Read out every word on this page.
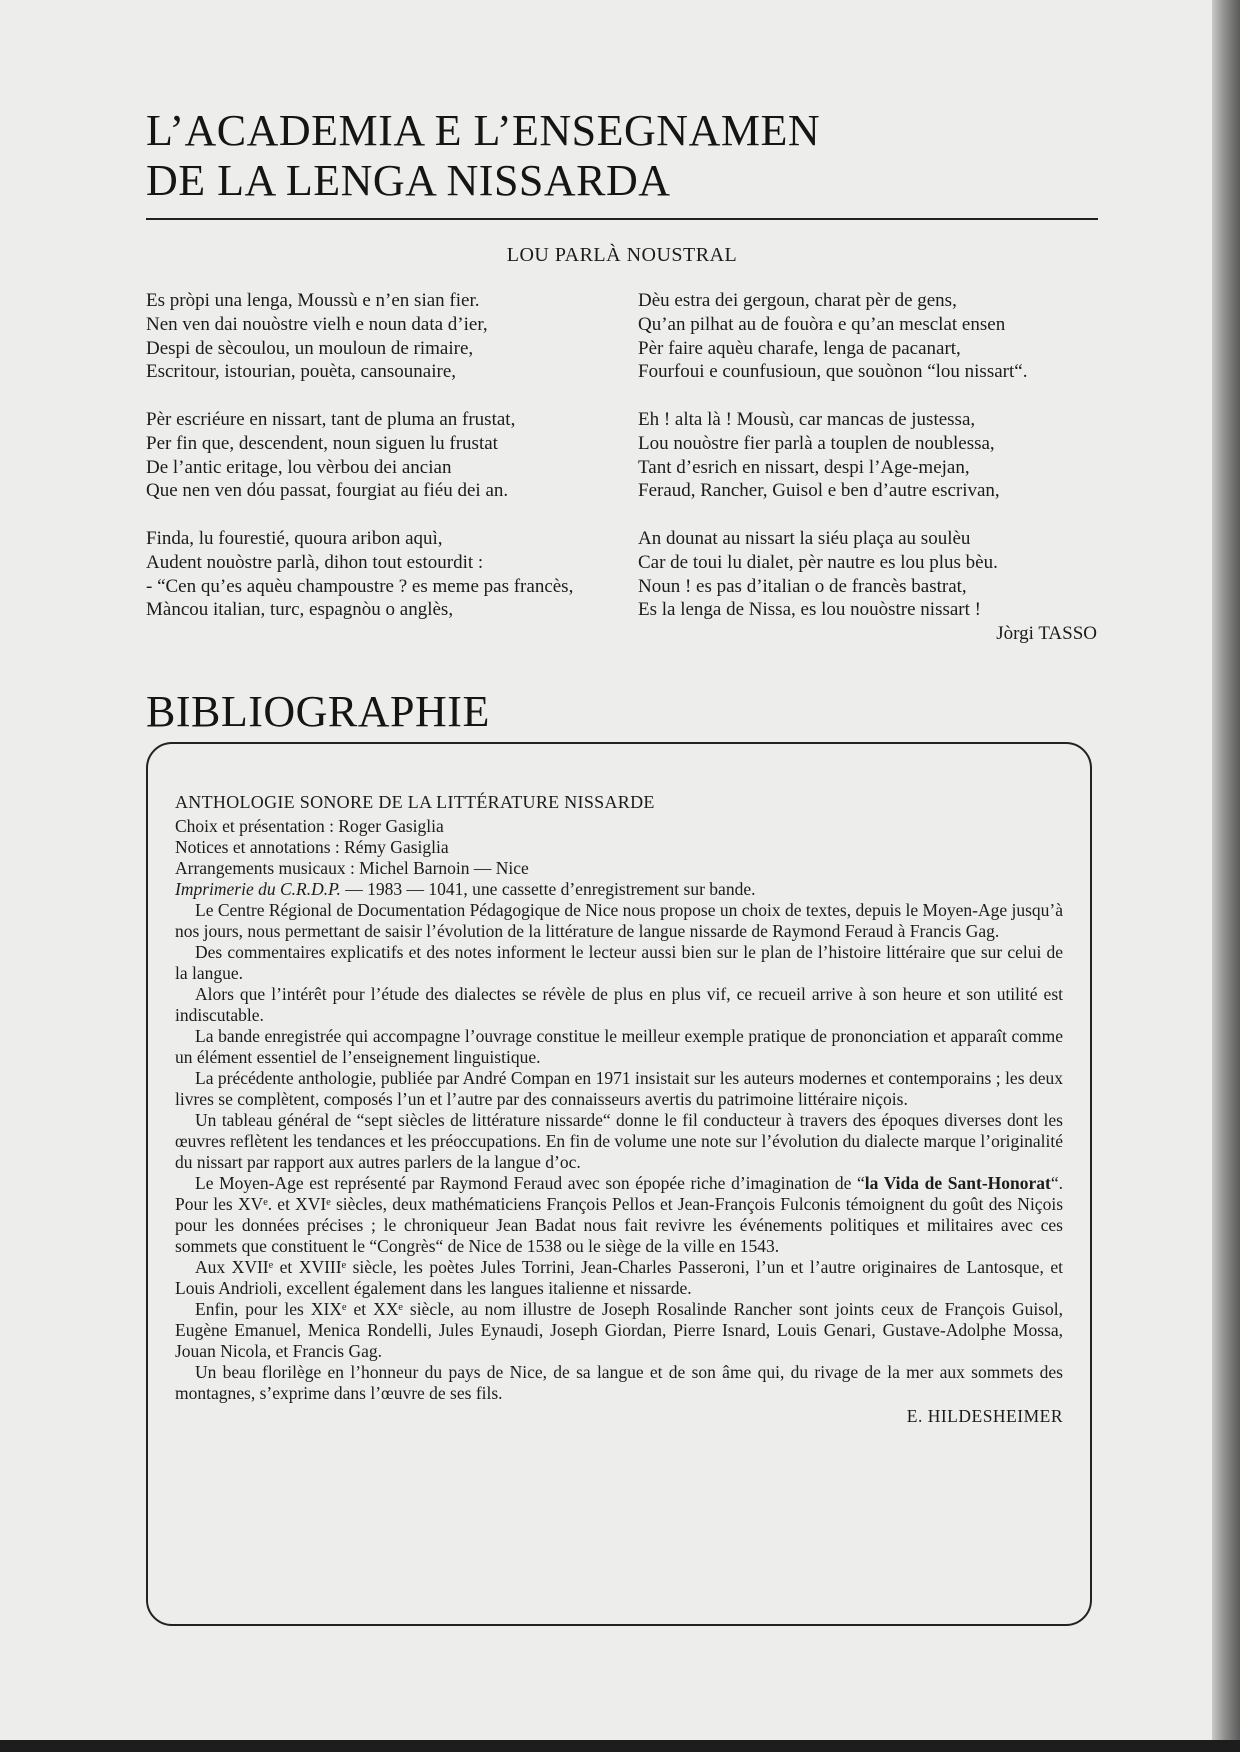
L’ACADEMIA E L’ENSEGNAMEN
DE LA LENGA NISSARDA
LOU PARLÀ NOUSTRAL
Es pròpi una lenga, Moussù e n’en sian fier.
Nen ven dai nouòstre vielh e noun data d’ier,
Despi de sècoulou, un mouloun de rimaire,
Escritour, istourian, pouèta, cansounaire,
Pèr escriéure en nissart, tant de pluma an frustat,
Per fin que, descendent, noun siguen lu frustat
De l’antic eritage, lou vèrbou dei ancian
Que nen ven dóu passat, fourgiat au fiéu dei an.
Finda, lu fourestié, quoura aribon aquì,
Audent nouòstre parlà, dihon tout estourdit :
- “Cen qu’es aquèu champoustre ? es meme pas francès,
Màncou italian, turc, espagnòu o anglès,
Dèu estra dei gergoun, charat pèr de gens,
Qu’an pilhat au de fouòra e qu’an mesclat ensen
Pèr faire aquèu charafe, lenga de pacanart,
Fourfoui e counfusioun, que souònon “lou nissart“.
Eh ! alta là ! Mousù, car mancas de justessa,
Lou nouòstre fier parlà a touplen de noublessa,
Tant d’esrich en nissart, despi l’Age-mejan,
Feraud, Rancher, Guisol e ben d’autre escrivan,
An dounat au nissart la siéu plaça au soulèu
Car de toui lu dialet, pèr nautre es lou plus bèu.
Noun ! es pas d’italian o de francès bastrat,
Es la lenga de Nissa, es lou nouòstre nissart !
Jòrgi TASSO
BIBLIOGRAPHIE
ANTHOLOGIE SONORE DE LA LITTÉRATURE NISSARDE
Choix et présentation : Roger Gasiglia
Notices et annotations : Rémy Gasiglia
Arrangements musicaux : Michel Barnoin — Nice
Imprimerie du C.R.D.P. — 1983 — 1041, une cassette d’enregistrement sur bande.

Le Centre Régional de Documentation Pédagogique de Nice nous propose un choix de textes, depuis le Moyen-Age jusqu’à nos jours, nous permettant de saisir l’évolution de la littérature de langue nissarde de Raymond Feraud à Francis Gag.

Des commentaires explicatifs et des notes informent le lecteur aussi bien sur le plan de l’histoire littéraire que sur celui de la langue.

Alors que l’intérêt pour l’étude des dialectes se révèle de plus en plus vif, ce recueil arrive à son heure et son utilité est indiscutable.

La bande enregistrée qui accompagne l’ouvrage constitue le meilleur exemple pratique de prononciation et apparaît comme un élément essentiel de l’enseignement linguistique.

La précédente anthologie, publiée par André Compan en 1971 insistait sur les auteurs modernes et contemporains ; les deux livres se complètent, composés l’un et l’autre par des connaisseurs avertis du patrimoine littéraire niçois.

Un tableau général de “sept siècles de littérature nissarde“ donne le fil conducteur à travers des époques diverses dont les œuvres reflètent les tendances et les préoccupations. En fin de volume une note sur l’évolution du dialecte marque l’originalité du nissart par rapport aux autres parlers de la langue d’oc.

Le Moyen-Age est représenté par Raymond Feraud avec son épopée riche d’imagination de “la Vida de Sant-Honorat“. Pour les XVᵉ. et XVIᵉ siècles, deux mathématiciens François Pellos et Jean-François Fulconis témoignent du goût des Niçois pour les données précises ; le chroniqueur Jean Badat nous fait revivre les événements politiques et militaires avec ces sommets que constituent le “Congrès“ de Nice de 1538 ou le siège de la ville en 1543.

Aux XVIIᵉ et XVIIIᵉ siècle, les poètes Jules Torrini, Jean-Charles Passeroni, l’un et l’autre originaires de Lantosque, et Louis Andrioli, excellent également dans les langues italienne et nissarde.

Enfin, pour les XIXᵉ et XXᵉ siècle, au nom illustre de Joseph Rosalinde Rancher sont joints ceux de François Guisol, Eugène Emanuel, Menica Rondelli, Jules Eynaudi, Joseph Giordan, Pierre Isnard, Louis Genari, Gustave-Adolphe Mossa, Jouan Nicola, et Francis Gag.

Un beau florilège en l’honneur du pays de Nice, de sa langue et de son âme qui, du rivage de la mer aux sommets des montagnes, s’exprime dans l’œuvre de ses fils.

E. HILDESHEIMER
